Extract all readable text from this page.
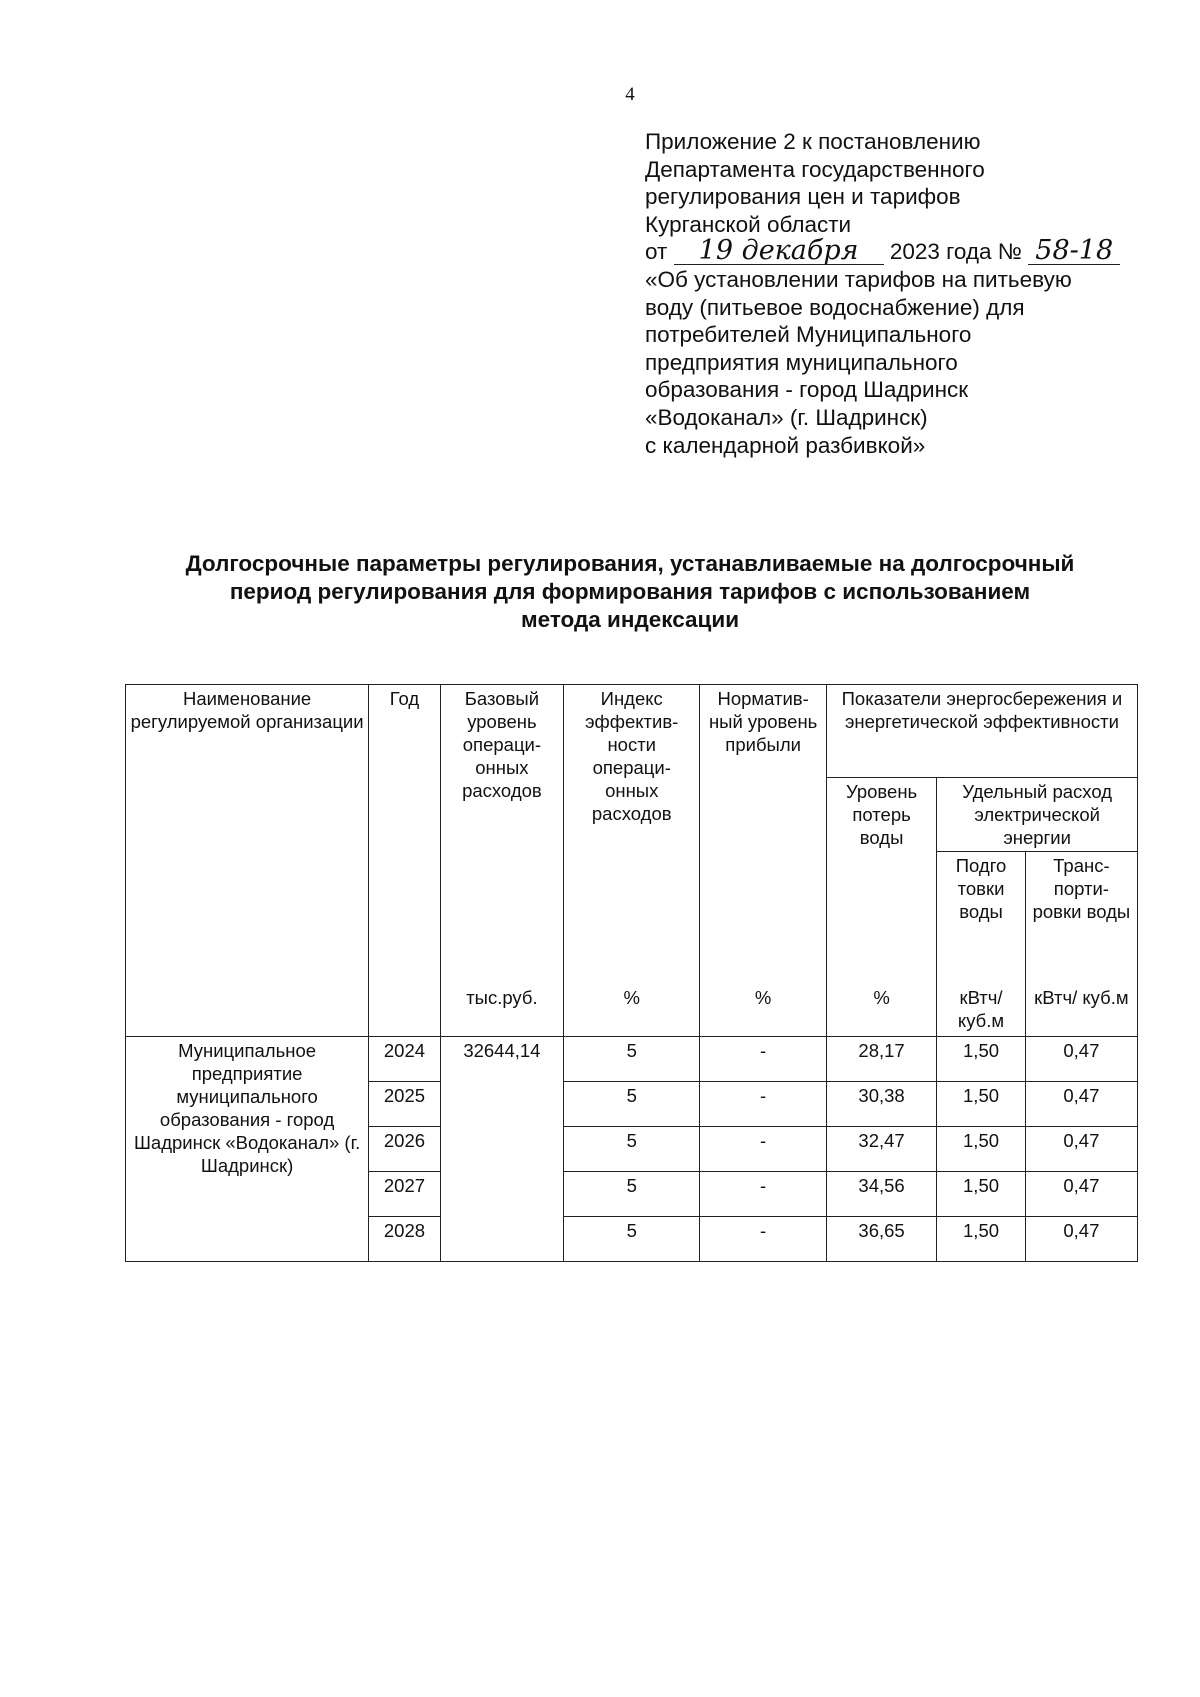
4
Приложение 2 к постановлению
Департамента государственного
регулирования цен и тарифов
Курганской области
от 19 декабря 2023 года № 58-18
«Об установлении тарифов на питьевую
воду (питьевое водоснабжение) для
потребителей Муниципального
предприятия муниципального
образования - город Шадринск
«Водоканал» (г. Шадринск)
с календарной разбивкой»
Долгосрочные параметры регулирования, устанавливаемые на долгосрочный
период регулирования для формирования тарифов с использованием
метода индексации
Наименование регулируемой организации	Год	Базовый уровень операци- онных расходов	Индекс эффектив- ности операци- онных расходов	Норматив- ный уровень прибыли	Показатели энергосбережения и энергетической эффективности		
					Уровень потерь воды	Удельный расход электрической энергии	
						Подго товки воды	Транс- порти- ровки воды
		тыс.руб.	%	%	%	кВтч/ куб.м	кВтч/ куб.м
Муниципальное предприятие муниципального образования - город Шадринск «Водоканал» (г. Шадринск)	2024	32644,14	5	-	28,17	1,50	0,47
	2025		5	-	30,38	1,50	0,47
	2026		5	-	32,47	1,50	0,47
	2027		5	-	34,56	1,50	0,47
	2028		5	-	36,65	1,50	0,47
